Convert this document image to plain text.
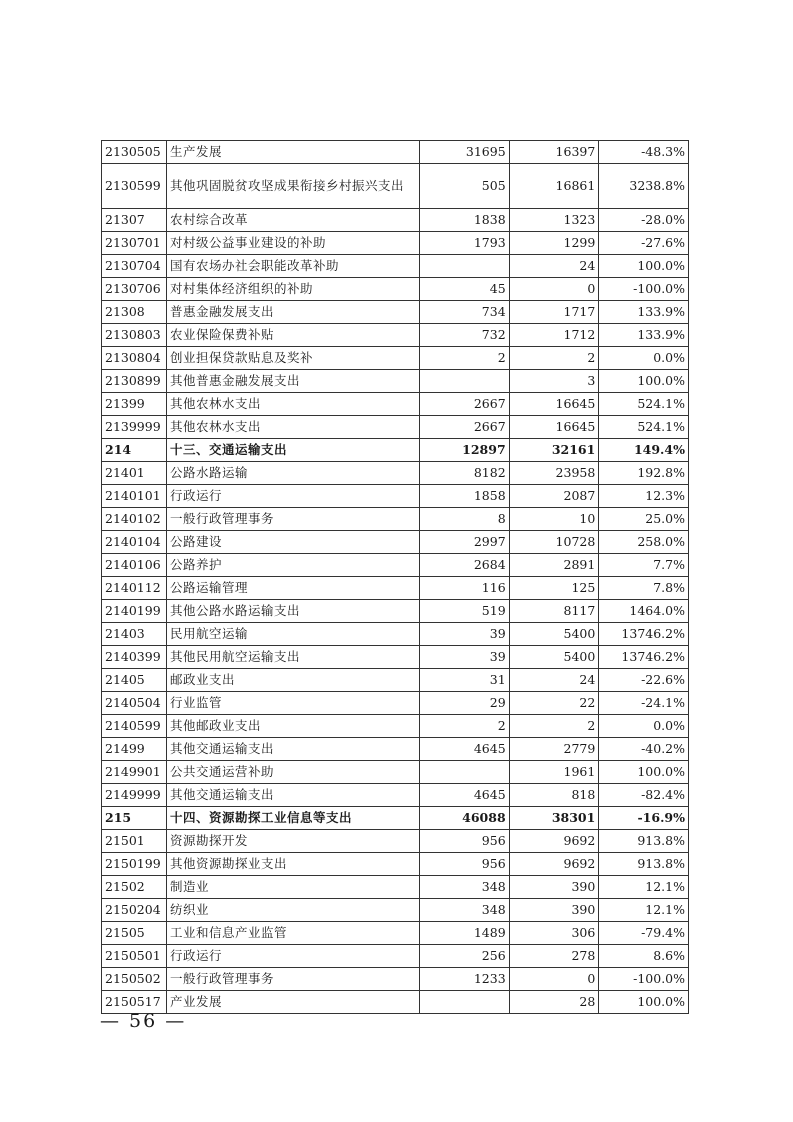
2130505	生产发展	31695	16397	-48.3%
2130599	其他巩固脱贫攻坚成果衔接乡村振兴支出	505	16861	3238.8%
21307	农村综合改革	1838	1323	-28.0%
2130701	对村级公益事业建设的补助	1793	1299	-27.6%
2130704	国有农场办社会职能改革补助		24	100.0%
2130706	对村集体经济组织的补助	45	0	-100.0%
21308	普惠金融发展支出	734	1717	133.9%
2130803	农业保险保费补贴	732	1712	133.9%
2130804	创业担保贷款贴息及奖补	2	2	0.0%
2130899	其他普惠金融发展支出		3	100.0%
21399	其他农林水支出	2667	16645	524.1%
2139999	其他农林水支出	2667	16645	524.1%
214	十三、交通运输支出	12897	32161	149.4%
21401	公路水路运输	8182	23958	192.8%
2140101	行政运行	1858	2087	12.3%
2140102	一般行政管理事务	8	10	25.0%
2140104	公路建设	2997	10728	258.0%
2140106	公路养护	2684	2891	7.7%
2140112	公路运输管理	116	125	7.8%
2140199	其他公路水路运输支出	519	8117	1464.0%
21403	民用航空运输	39	5400	13746.2%
2140399	其他民用航空运输支出	39	5400	13746.2%
21405	邮政业支出	31	24	-22.6%
2140504	行业监管	29	22	-24.1%
2140599	其他邮政业支出	2	2	0.0%
21499	其他交通运输支出	4645	2779	-40.2%
2149901	公共交通运营补助		1961	100.0%
2149999	其他交通运输支出	4645	818	-82.4%
215	十四、资源勘探工业信息等支出	46088	38301	-16.9%
21501	资源勘探开发	956	9692	913.8%
2150199	其他资源勘探业支出	956	9692	913.8%
21502	制造业	348	390	12.1%
2150204	纺织业	348	390	12.1%
21505	工业和信息产业监管	1489	306	-79.4%
2150501	行政运行	256	278	8.6%
2150502	一般行政管理事务	1233	0	-100.0%
2150517	产业发展		28	100.0%
— 56 —
